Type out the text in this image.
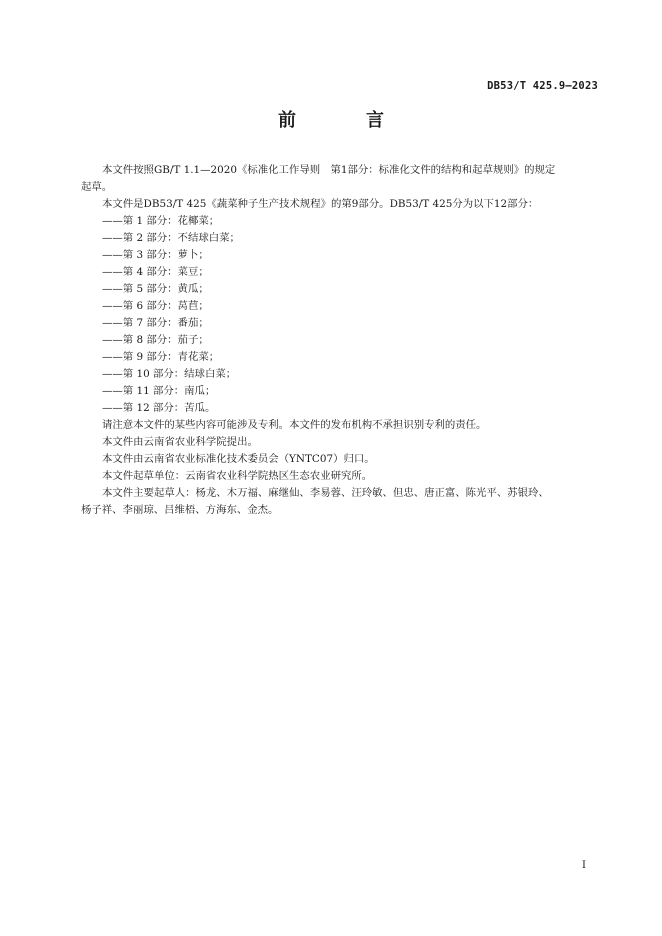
DB53/T 425.9—2023
前　言

本文件按照GB/T 1.1—2020《标准化工作导则　第1部分：标准化文件的结构和起草规则》的规定

起草。

本文件是DB53/T 425《蔬菜种子生产技术规程》的第9部分。DB53/T 425分为以下12部分：

——第 1 部分：花椰菜；
——第 2 部分：不结球白菜；
——第 3 部分：萝卜；
——第 4 部分：菜豆；
——第 5 部分：黄瓜；
——第 6 部分：莴苣；
——第 7 部分：番茄；
——第 8 部分：茄子；
——第 9 部分：青花菜；
——第 10 部分：结球白菜；
——第 11 部分：南瓜；
——第 12 部分：苦瓜。

请注意本文件的某些内容可能涉及专利。本文件的发布机构不承担识别专利的责任。

本文件由云南省农业科学院提出。

本文件由云南省农业标准化技术委员会（YNTC07）归口。

本文件起草单位：云南省农业科学院热区生态农业研究所。

本文件主要起草人：杨龙、木万福、麻继仙、李易蓉、汪玲敏、但忠、唐正富、陈光平、苏银玲、

杨子祥、李丽琼、吕维梧、方海东、金杰。

I
